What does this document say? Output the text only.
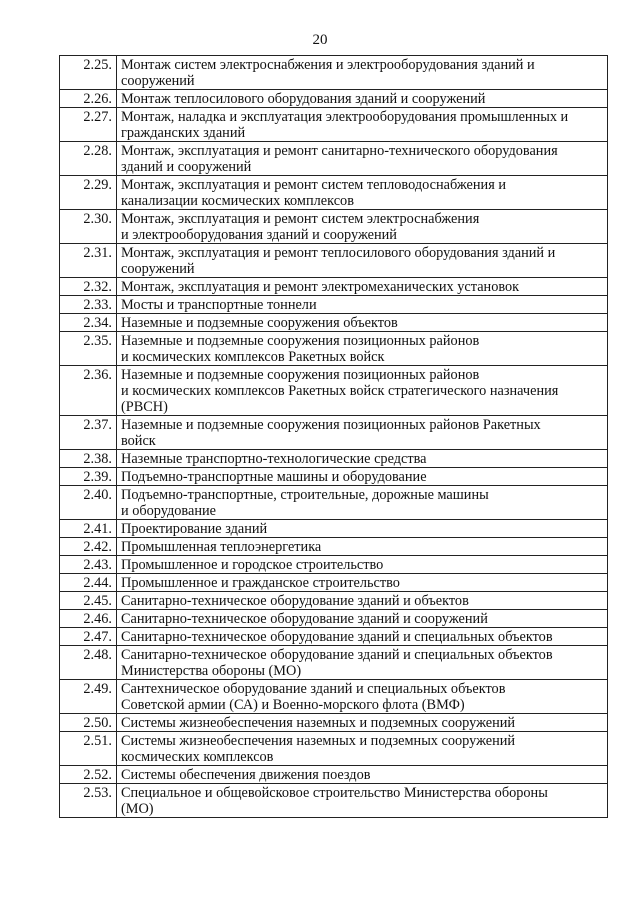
20
2.25.	Монтаж систем электроснабжения и электрооборудования зданий и
сооружений
2.26.	Монтаж теплосилового оборудования зданий и сооружений
2.27.	Монтаж, наладка и эксплуатация электрооборудования промышленных и
гражданских зданий
2.28.	Монтаж, эксплуатация и ремонт санитарно-технического оборудования
зданий и сооружений
2.29.	Монтаж, эксплуатация и ремонт систем тепловодоснабжения и
канализации космических комплексов
2.30.	Монтаж, эксплуатация и ремонт систем электроснабжения
и электрооборудования зданий и сооружений
2.31.	Монтаж, эксплуатация и ремонт теплосилового оборудования зданий и
сооружений
2.32.	Монтаж, эксплуатация и ремонт электромеханических установок
2.33.	Мосты и транспортные тоннели
2.34.	Наземные и подземные сооружения объектов
2.35.	Наземные и подземные сооружения позиционных районов
и космических комплексов Ракетных войск
2.36.	Наземные и подземные сооружения позиционных районов
и космических комплексов Ракетных войск стратегического назначения
(РВСН)
2.37.	Наземные и подземные сооружения позиционных районов Ракетных
войск
2.38.	Наземные транспортно-технологические средства
2.39.	Подъемно-транспортные машины и оборудование
2.40.	Подъемно-транспортные, строительные, дорожные машины
и оборудование
2.41.	Проектирование зданий
2.42.	Промышленная теплоэнергетика
2.43.	Промышленное и городское строительство
2.44.	Промышленное и гражданское строительство
2.45.	Санитарно-техническое оборудование зданий и объектов
2.46.	Санитарно-техническое оборудование зданий и сооружений
2.47.	Санитарно-техническое оборудование зданий и специальных объектов
2.48.	Санитарно-техническое оборудование зданий и специальных объектов
Министерства обороны (МО)
2.49.	Сантехническое оборудование зданий и специальных объектов
Советской армии (СА) и Военно-морского флота (ВМФ)
2.50.	Системы жизнеобеспечения наземных и подземных сооружений
2.51.	Системы жизнеобеспечения наземных и подземных сооружений
космических комплексов
2.52.	Системы обеспечения движения поездов
2.53.	Специальное и общевойсковое строительство Министерства обороны
(МО)
